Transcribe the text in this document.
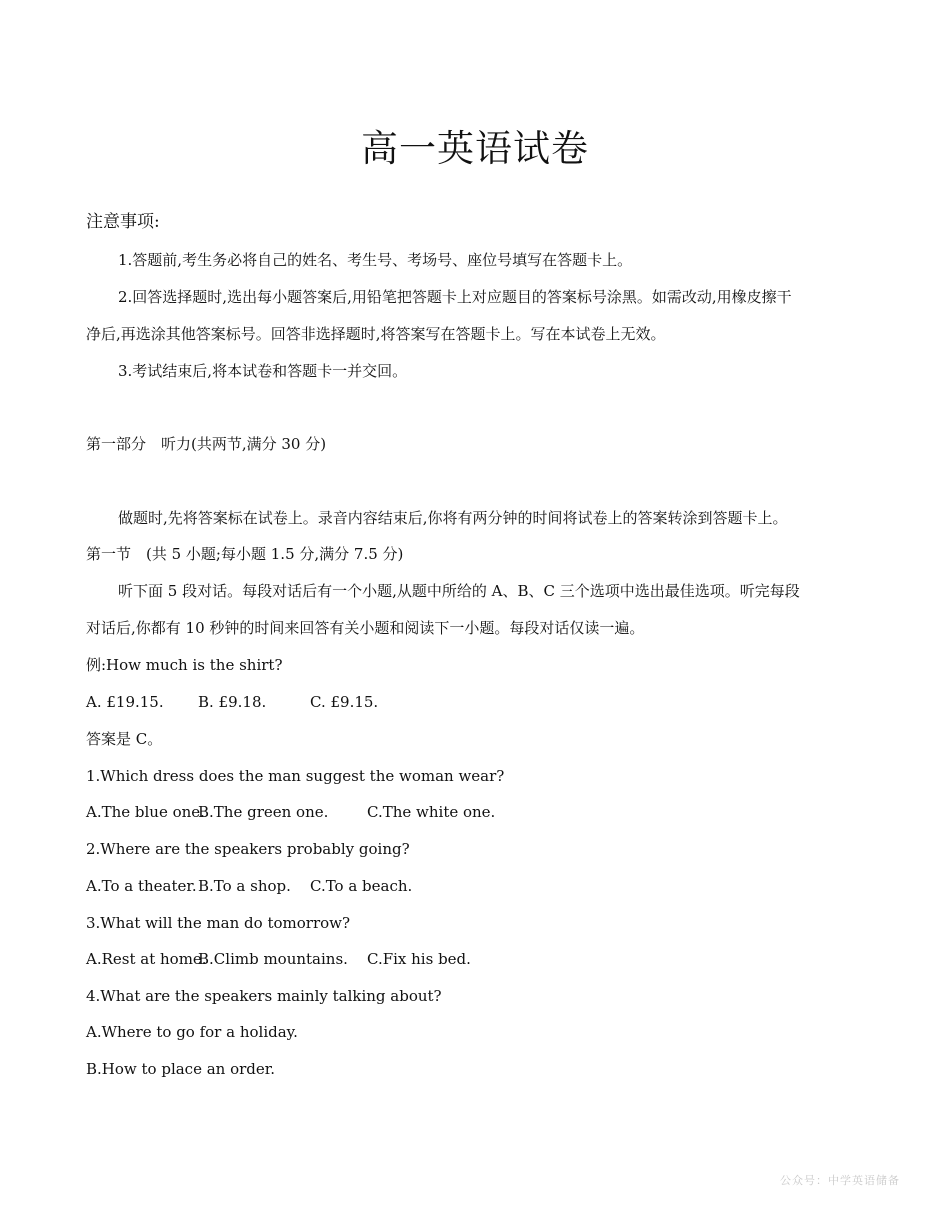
高一英语试卷

注意事项:

1.答题前,考生务必将自己的姓名、考生号、考场号、座位号填写在答题卡上。

2.回答选择题时,选出每小题答案后,用铅笔把答题卡上对应题目的答案标号涂黑。如需改动,用橡皮擦干

净后,再选涂其他答案标号。回答非选择题时,将答案写在答题卡上。写在本试卷上无效。

3.考试结束后,将本试卷和答题卡一并交回。

第一部分　听力(共两节,满分 30 分)

做题时,先将答案标在试卷上。录音内容结束后,你将有两分钟的时间将试卷上的答案转涂到答题卡上。

第一节　(共 5 小题;每小题 1.5 分,满分 7.5 分)

听下面 5 段对话。每段对话后有一个小题,从题中所给的 A、B、C 三个选项中选出最佳选项。听完每段

对话后,你都有 10 秒钟的时间来回答有关小题和阅读下一小题。每段对话仅读一遍。

例:How much is the shirt?

A. £19.15. B. £9.18.	C. £9.15.

答案是 C。

1.Which dress does the man suggest the woman wear?

A.The blue one.B.The green one.	C.The white one.

2.Where are the speakers probably going?

A.To a theater.B.To a shop. C.To a beach.

3.What will the man do tomorrow?

A.Rest at home.B.Climb mountains. C.Fix his bed.

4.What are the speakers mainly talking about?

A.Where to go for a holiday.

B.How to place an order.

公众号：中学英语储备
